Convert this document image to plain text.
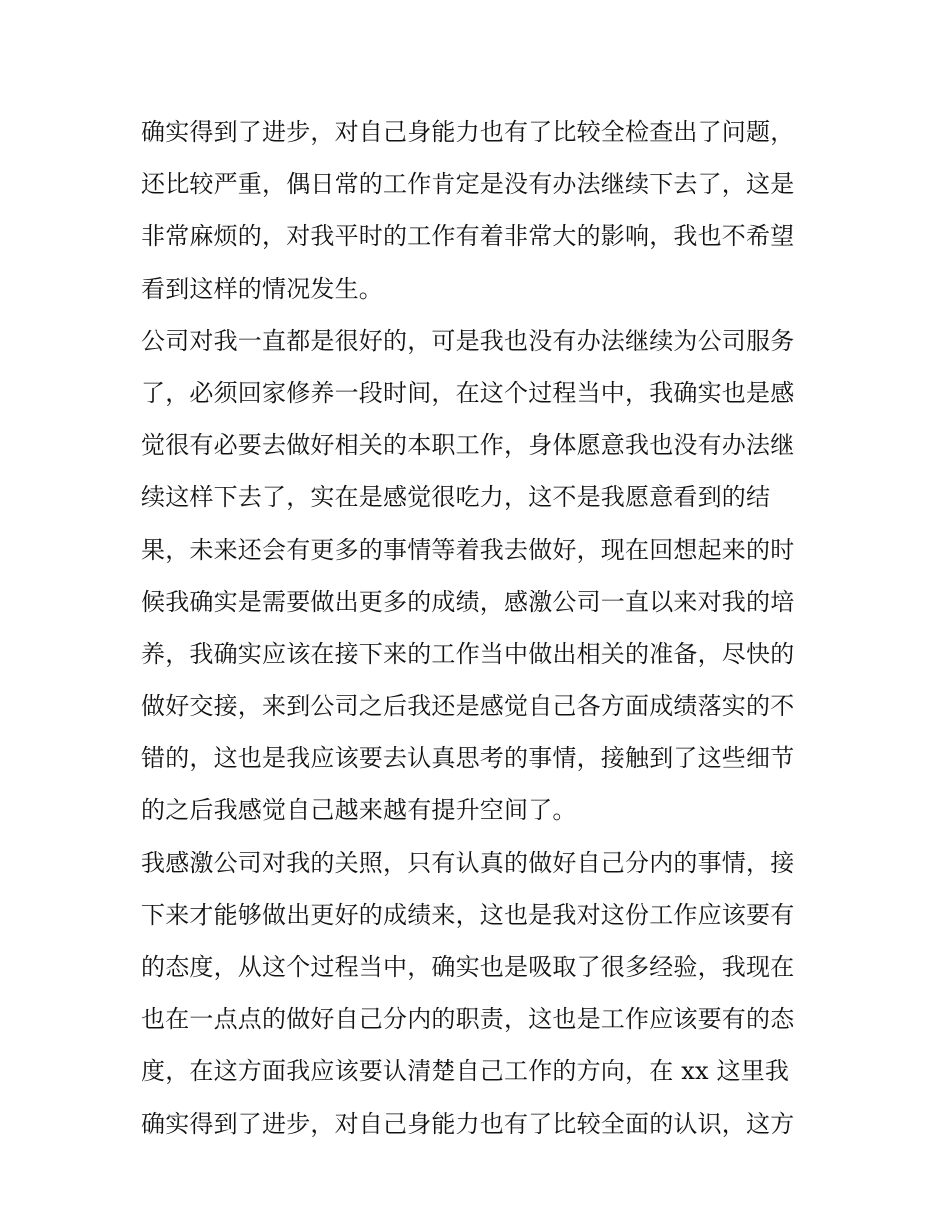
确实得到了进步，对自己身能力也有了比较全检查出了问题，
还比较严重，偶日常的工作肯定是没有办法继续下去了，这是
非常麻烦的，对我平时的工作有着非常大的影响，我也不希望
看到这样的情况发生。
公司对我一直都是很好的，可是我也没有办法继续为公司服务
了，必须回家修养一段时间，在这个过程当中，我确实也是感
觉很有必要去做好相关的本职工作，身体愿意我也没有办法继
续这样下去了，实在是感觉很吃力，这不是我愿意看到的结
果，未来还会有更多的事情等着我去做好，现在回想起来的时
候我确实是需要做出更多的成绩，感激公司一直以来对我的培
养，我确实应该在接下来的工作当中做出相关的准备，尽快的
做好交接，来到公司之后我还是感觉自己各方面成绩落实的不
错的，这也是我应该要去认真思考的事情，接触到了这些细节
的之后我感觉自己越来越有提升空间了。
我感激公司对我的关照，只有认真的做好自己分内的事情，接
下来才能够做出更好的成绩来，这也是我对这份工作应该要有
的态度，从这个过程当中，确实也是吸取了很多经验，我现在
也在一点点的做好自己分内的职责，这也是工作应该要有的态
度，在这方面我应该要认清楚自己工作的方向，在 xx 这里我
确实得到了进步，对自己身能力也有了比较全面的认识，这方
